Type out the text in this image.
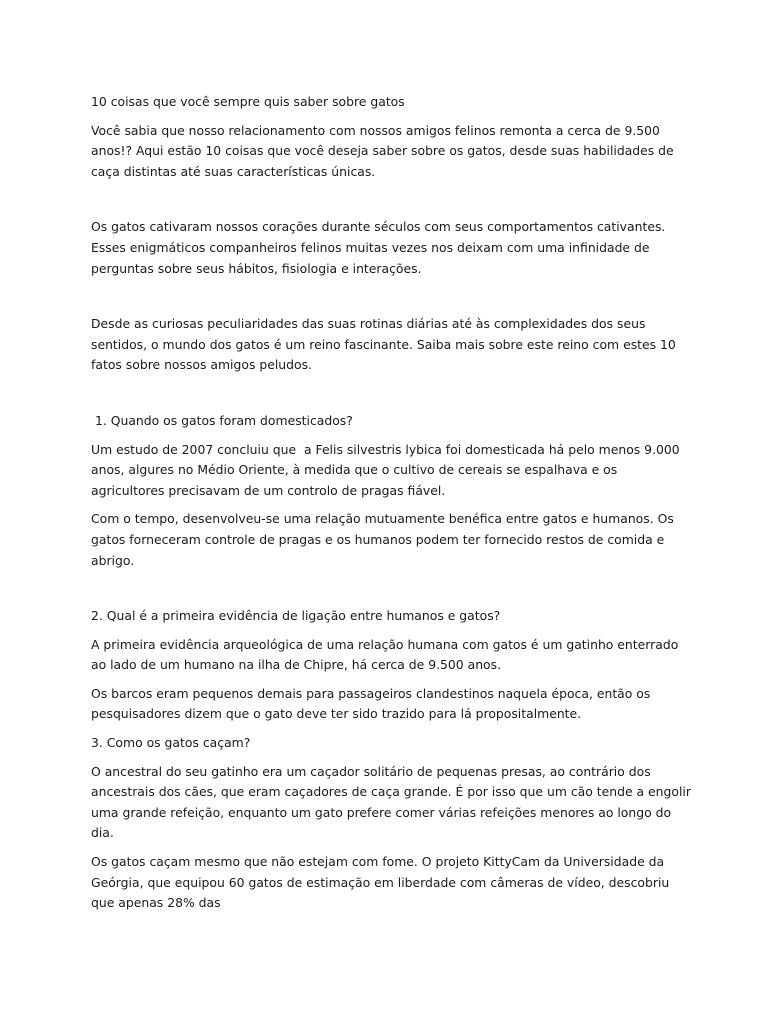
10 coisas que você sempre quis saber sobre gatos

Você sabia que nosso relacionamento com nossos amigos felinos remonta a cerca de 9.500 anos!? Aqui estão 10 coisas que você deseja saber sobre os gatos, desde suas habilidades de caça distintas até suas características únicas.

Os gatos cativaram nossos corações durante séculos com seus comportamentos cativantes. Esses enigmáticos companheiros felinos muitas vezes nos deixam com uma infinidade de perguntas sobre seus hábitos, fisiologia e interações.

Desde as curiosas peculiaridades das suas rotinas diárias até às complexidades dos seus sentidos, o mundo dos gatos é um reino fascinante. Saiba mais sobre este reino com estes 10 fatos sobre nossos amigos peludos.

1. Quando os gatos foram domesticados?

Um estudo de 2007 concluiu que  a Felis silvestris lybica foi domesticada há pelo menos 9.000 anos, algures no Médio Oriente, à medida que o cultivo de cereais se espalhava e os agricultores precisavam de um controlo de pragas fiável.

Com o tempo, desenvolveu-se uma relação mutuamente benéfica entre gatos e humanos. Os gatos forneceram controle de pragas e os humanos podem ter fornecido restos de comida e abrigo.

2. Qual é a primeira evidência de ligação entre humanos e gatos?

A primeira evidência arqueológica de uma relação humana com gatos é um gatinho enterrado ao lado de um humano na ilha de Chipre, há cerca de 9.500 anos.

Os barcos eram pequenos demais para passageiros clandestinos naquela época, então os pesquisadores dizem que o gato deve ter sido trazido para lá propositalmente.

3. Como os gatos caçam?

O ancestral do seu gatinho era um caçador solitário de pequenas presas, ao contrário dos ancestrais dos cães, que eram caçadores de caça grande. É por isso que um cão tende a engolir uma grande refeição, enquanto um gato prefere comer várias refeições menores ao longo do dia.

Os gatos caçam mesmo que não estejam com fome. O projeto KittyCam da Universidade da Geórgia, que equipou 60 gatos de estimação em liberdade com câmeras de vídeo, descobriu que apenas 28% das
